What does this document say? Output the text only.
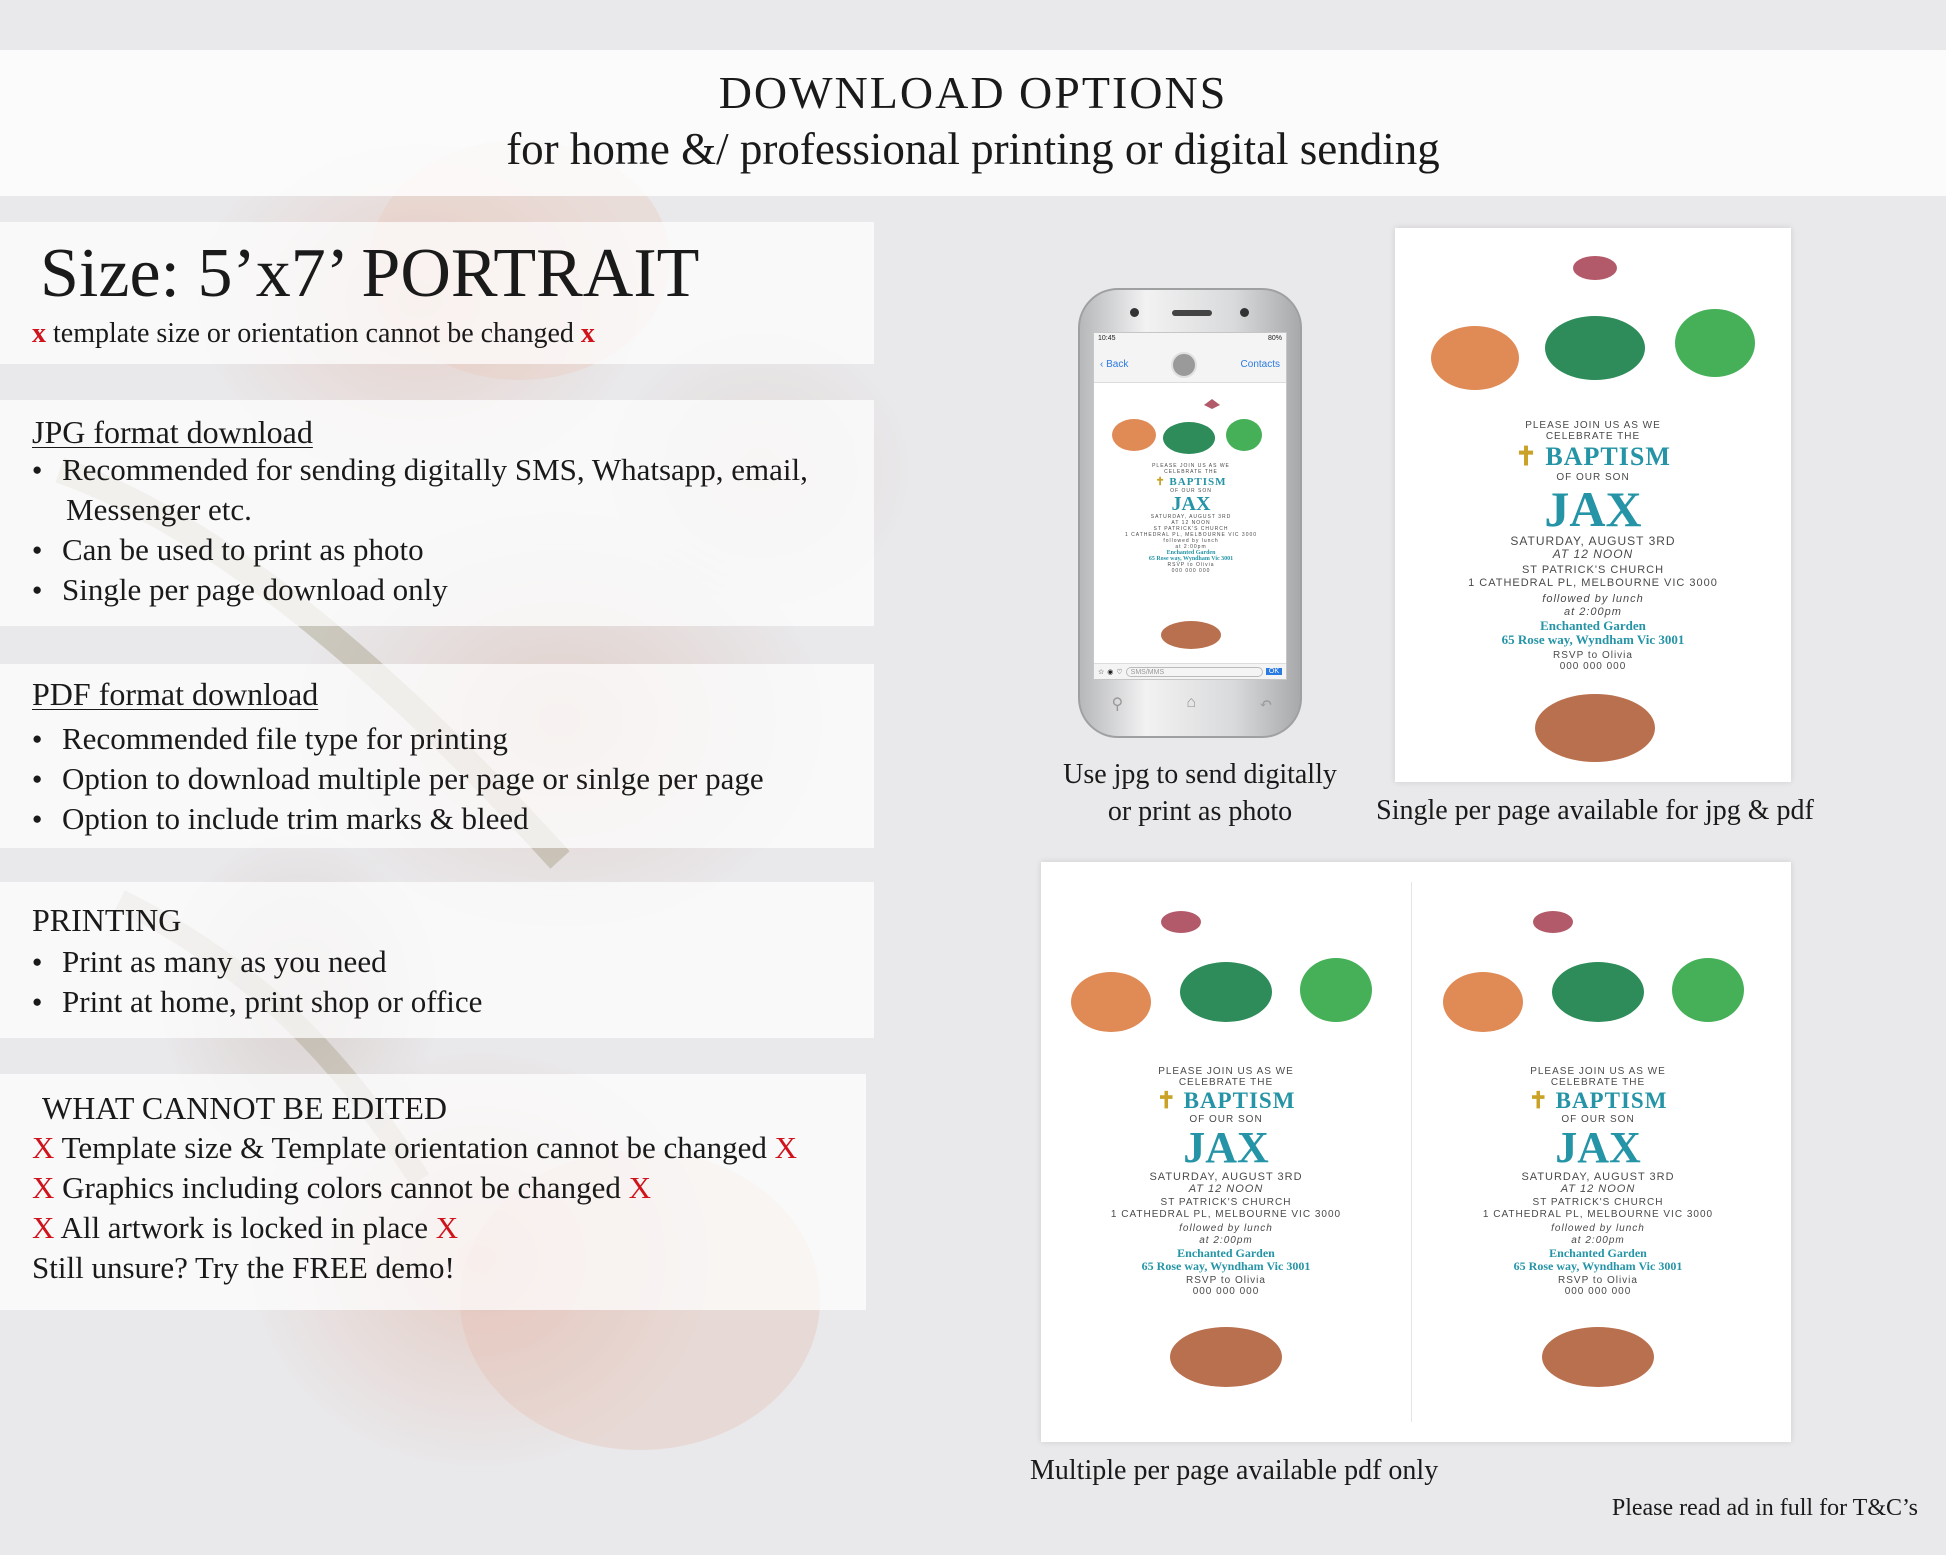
DOWNLOAD OPTIONS
for home &/ professional printing or digital sending
Size: 5’x7’ PORTRAIT
x template size or orientation cannot be changed x
JPG format download
● Recommended for sending digitally SMS, Whatsapp, email,
Messenger etc.
● Can be used to print as photo
● Single per page download only
PDF format download
● Recommended file type for printing
● Option to download multiple per page or sinlge per page
● Option to include trim marks & bleed
PRINTING
● Print as many as you need
● Print at home, print shop or office
WHAT CANNOT BE EDITED
X Template size & Template orientation cannot be changed X
X Graphics including colors cannot be changed X
X All artwork is locked in place X
Still unsure? Try the FREE demo!
10:45	80%
‹ Back	Contacts
PLEASE JOIN US AS WE
CELEBRATE THE
✝ BAPTISM
OF OUR SON
JAX
SATURDAY, AUGUST 3RD
AT 12 NOON
ST PATRICK'S CHURCH
1 CATHEDRAL PL, MELBOURNE VIC 3000
followed by lunch
at 2:00pm
Enchanted Garden
65 Rose way, Wyndham Vic 3001
RSVP to Olivia
000 000 000
☆ ◉ ♡	SMS/MMS	OK
⚲	⌂	↶
Use jpg to send digitally
or print as photo
PLEASE JOIN US AS WE
CELEBRATE THE
✝ BAPTISM
OF OUR SON
JAX
SATURDAY, AUGUST 3RD
AT 12 NOON
ST PATRICK'S CHURCH
1 CATHEDRAL PL, MELBOURNE VIC 3000
followed by lunch
at 2:00pm
Enchanted Garden
65 Rose way, Wyndham Vic 3001
RSVP to Olivia
000 000 000
Single per page available for jpg & pdf
PLEASE JOIN US AS WE
CELEBRATE THE
✝ BAPTISM
OF OUR SON
JAX
SATURDAY, AUGUST 3RD
AT 12 NOON
ST PATRICK'S CHURCH
1 CATHEDRAL PL, MELBOURNE VIC 3000
followed by lunch
at 2:00pm
Enchanted Garden
65 Rose way, Wyndham Vic 3001
RSVP to Olivia
000 000 000
PLEASE JOIN US AS WE
CELEBRATE THE
✝ BAPTISM
OF OUR SON
JAX
SATURDAY, AUGUST 3RD
AT 12 NOON
ST PATRICK'S CHURCH
1 CATHEDRAL PL, MELBOURNE VIC 3000
followed by lunch
at 2:00pm
Enchanted Garden
65 Rose way, Wyndham Vic 3001
RSVP to Olivia
000 000 000
Multiple per page available pdf only
Please read ad in full for T&C’s
